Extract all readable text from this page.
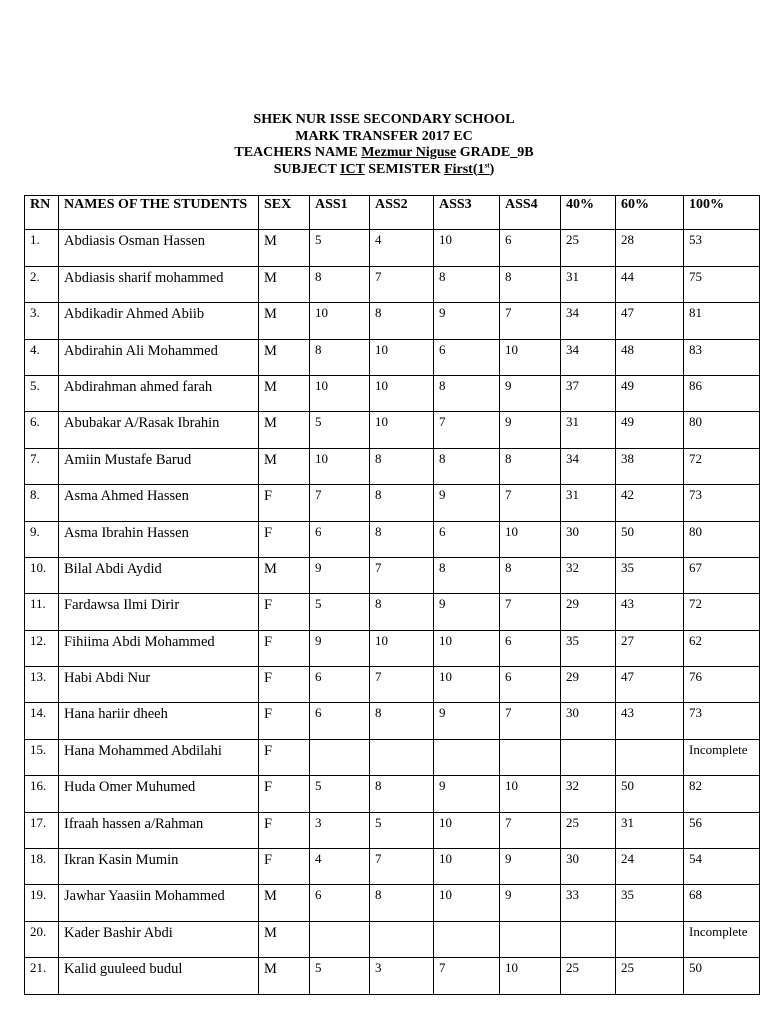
SHEK NUR ISSE SECONDARY SCHOOL
MARK TRANSFER 2017 EC
TEACHERS NAME Mezmur Niguse GRADE_9B
SUBJECT ICT SEMISTER First(1st)
RN	NAMES OF THE STUDENTS	SEX	ASS1	ASS2	ASS3	ASS4	40%	60%	100%
1.	Abdiasis Osman Hassen	M	5	4	10	6	25	28	53
2.	Abdiasis sharif mohammed	M	8	7	8	8	31	44	75
3.	Abdikadir Ahmed Abiib	M	10	8	9	7	34	47	81
4.	Abdirahin Ali Mohammed	M	8	10	6	10	34	48	83
5.	Abdirahman ahmed farah	M	10	10	8	9	37	49	86
6.	Abubakar A/Rasak Ibrahin	M	5	10	7	9	31	49	80
7.	Amiin Mustafe Barud	M	10	8	8	8	34	38	72
8.	Asma Ahmed Hassen	F	7	8	9	7	31	42	73
9.	Asma Ibrahin Hassen	F	6	8	6	10	30	50	80
10.	Bilal Abdi Aydid	M	9	7	8	8	32	35	67
11.	Fardawsa Ilmi Dirir	F	5	8	9	7	29	43	72
12.	Fihiima Abdi Mohammed	F	9	10	10	6	35	27	62
13.	Habi Abdi Nur	F	6	7	10	6	29	47	76
14.	Hana hariir dheeh	F	6	8	9	7	30	43	73
15.	Hana Mohammed Abdilahi	F							Incomplete
16.	Huda Omer Muhumed	F	5	8	9	10	32	50	82
17.	Ifraah hassen a/Rahman	F	3	5	10	7	25	31	56
18.	Ikran Kasin Mumin	F	4	7	10	9	30	24	54
19.	Jawhar Yaasiin Mohammed	M	6	8	10	9	33	35	68
20.	Kader Bashir Abdi	M							Incomplete
21.	Kalid guuleed budul	M	5	3	7	10	25	25	50
